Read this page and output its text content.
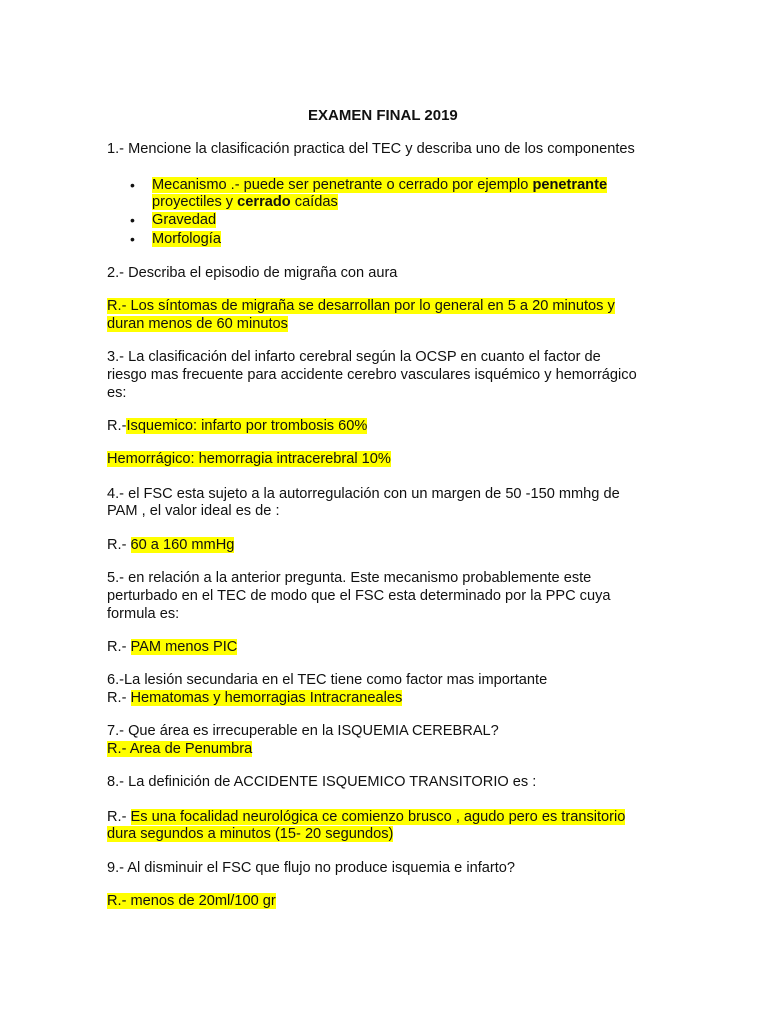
EXAMEN FINAL 2019
1.- Mencione la clasificación practica del TEC y describa uno de los componentes
• Mecanismo .- puede ser penetrante o cerrado por ejemplo penetrante
proyectiles y cerrado caídas
• Gravedad
• Morfología
2.- Describa el episodio de migraña con aura
R.- Los síntomas de migraña se desarrollan por lo general en 5 a 20 minutos y
duran menos de 60 minutos
3.- La clasificación del infarto cerebral según la OCSP en cuanto el factor de
riesgo mas frecuente para accidente cerebro vasculares isquémico y hemorrágico
es:
R.-Isquemico: infarto por trombosis 60%
Hemorrágico: hemorragia intracerebral 10%
4.- el FSC esta sujeto a la autorregulación con un margen de 50 -150 mmhg de
PAM , el valor ideal es de :
R.- 60 a 160 mmHg
5.- en relación a la anterior pregunta. Este mecanismo probablemente este
perturbado en el TEC de modo que el FSC esta determinado por la PPC cuya
formula es:
R.- PAM menos PIC
6.-La lesión secundaria en el TEC tiene como factor mas importante
R.- Hematomas y hemorragias Intracraneales
7.- Que área es irrecuperable en la ISQUEMIA CEREBRAL?
R.- Area de Penumbra
8.- La definición de ACCIDENTE ISQUEMICO TRANSITORIO es :
R.- Es una focalidad neurológica ce comienzo brusco , agudo pero es transitorio
dura segundos a minutos (15- 20 segundos)
9.- Al disminuir el FSC que flujo no produce isquemia e infarto?
R.- menos de 20ml/100 gr
